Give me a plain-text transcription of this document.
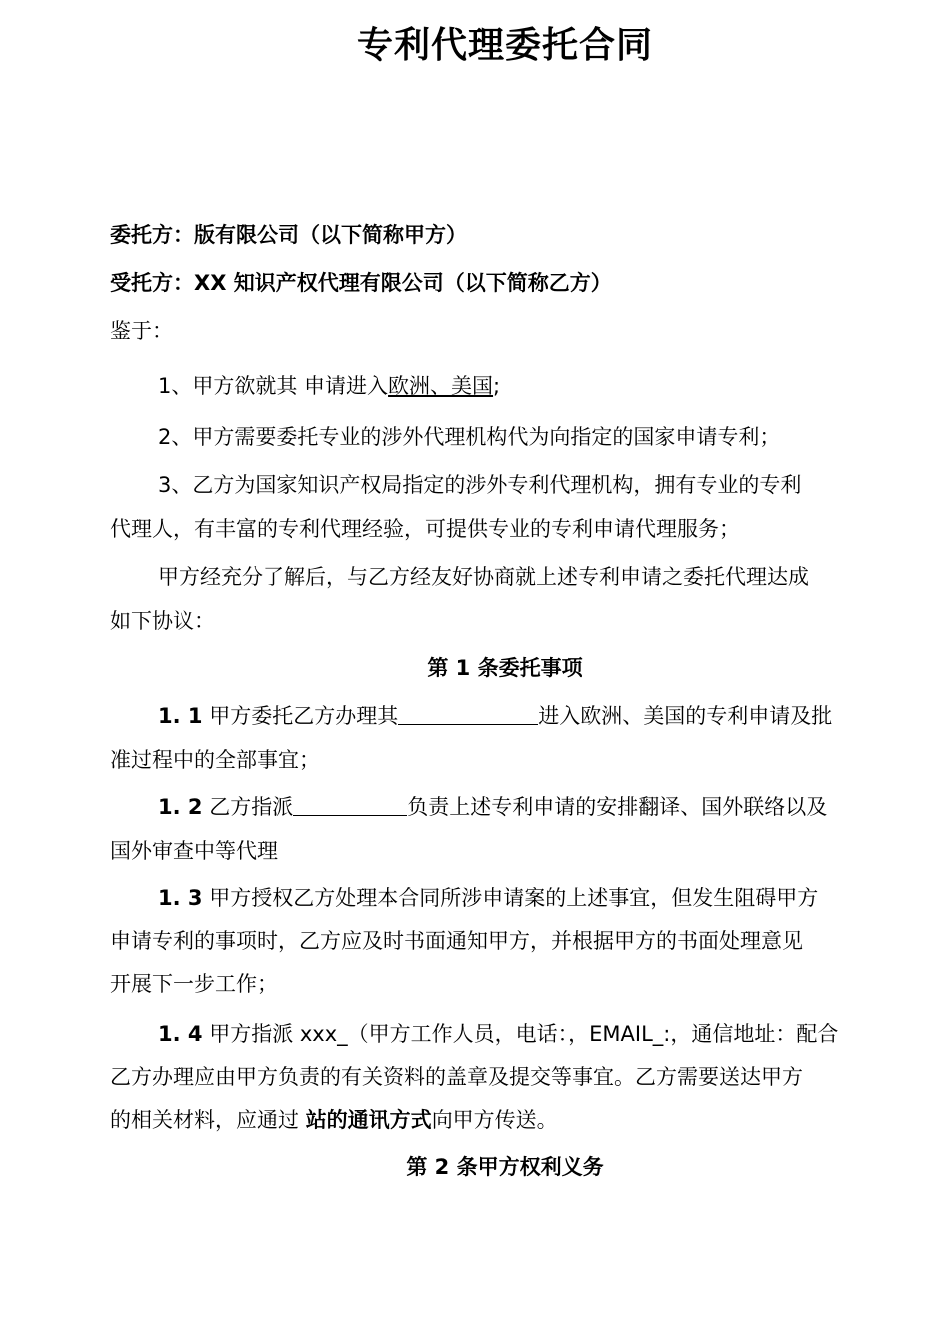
专利代理委托合同
委托方：版有限公司（以下简称甲方）
受托方：XX 知识产权代理有限公司（以下简称乙方）
鉴于：
1、甲方欲就其 申请进入欧洲、美国;
2、甲方需要委托专业的涉外代理机构代为向指定的国家申请专利；
3、乙方为国家知识产权局指定的涉外专利代理机构，拥有专业的专利
代理人，有丰富的专利代理经验，可提供专业的专利申请代理服务；
甲方经充分了解后，与乙方经友好协商就上述专利申请之委托代理达成
如下协议：
第 1 条委托事项
1. 1 甲方委托乙方办理其	进入欧洲、美国的专利申请及批
准过程中的全部事宜；
1. 2 乙方指派	负责上述专利申请的安排翻译、国外联络以及
国外审查中等代理
1. 3 甲方授权乙方处理本合同所涉申请案的上述事宜，但发生阻碍甲方
申请专利的事项时，乙方应及时书面通知甲方，并根据甲方的书面处理意见
开展下一步工作；
1. 4 甲方指派 xxx_（甲方工作人员，电话：，EMAIL_:，通信地址：配合
乙方办理应由甲方负责的有关资料的盖章及提交等事宜。乙方需要送达甲方
的相关材料，应通过 站的通讯方式向甲方传送。
第 2 条甲方权利义务
